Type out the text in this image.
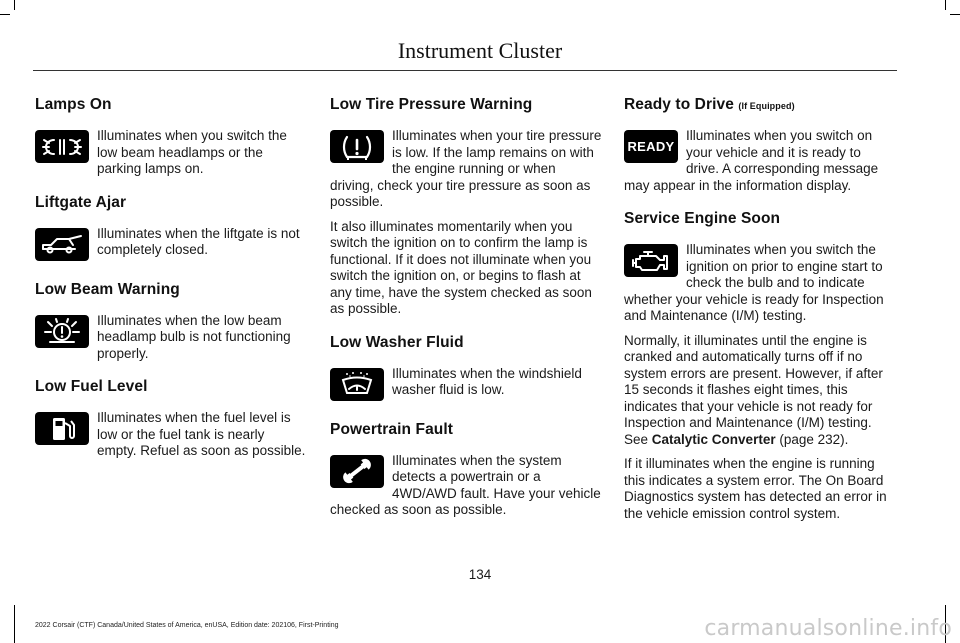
Instrument Cluster
Lamps On

Illuminates when you switch the low beam headlamps or the parking lamps on.

Liftgate Ajar

Illuminates when the liftgate is not completely closed.

Low Beam Warning

Illuminates when the low beam headlamp bulb is not functioning properly.

Low Fuel Level

Illuminates when the fuel level is low or the fuel tank is nearly empty. Refuel as soon as possible.

Low Tire Pressure Warning

Illuminates when your tire pressure is low. If the lamp remains on with the engine running or when driving, check your tire pressure as soon as possible.

It also illuminates momentarily when you switch the ignition on to confirm the lamp is functional. If it does not illuminate when you switch the ignition on, or begins to flash at any time, have the system checked as soon as possible.

Low Washer Fluid

Illuminates when the windshield washer fluid is low.

Powertrain Fault

Illuminates when the system detects a powertrain or a 4WD/AWD fault. Have your vehicle checked as soon as possible.

Ready to Drive (If Equipped)
READY

Illuminates when you switch on your vehicle and it is ready to drive. A corresponding message may appear in the information display.

Service Engine Soon

Illuminates when you switch the ignition on prior to engine start to check the bulb and to indicate whether your vehicle is ready for Inspection and Maintenance (I/M) testing.

Normally, it illuminates until the engine is cranked and automatically turns off if no system errors are present. However, if after 15 seconds it flashes eight times, this indicates that your vehicle is not ready for Inspection and Maintenance (I/M) testing. See Catalytic Converter (page 232).

If it illuminates when the engine is running this indicates a system error. The On Board Diagnostics system has detected an error in the vehicle emission control system.

134
2022 Corsair (CTF) Canada/United States of America, enUSA, Edition date: 202106, First-Printing	carmanualsonline.info
